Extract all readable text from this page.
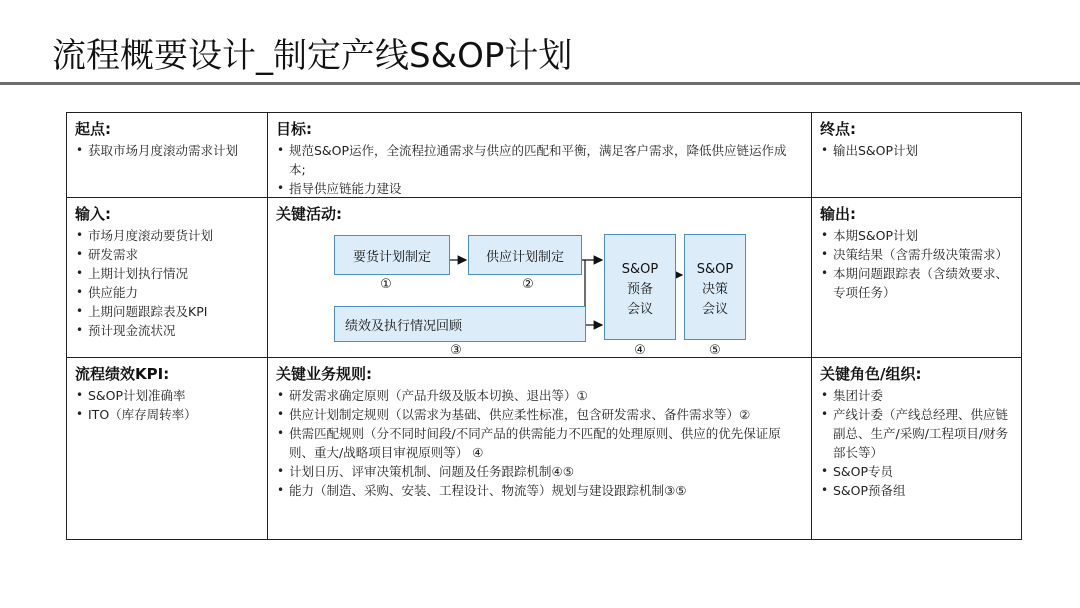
流程概要设计_制定产线S&OP计划
起点:
• 获取市场月度滚动需求计划
目标:
• 规范S&OP运作，全流程拉通需求与供应的匹配和平衡，满足客户需求，降低供应链运作成本;
• 指导供应链能力建设
终点:
• 输出S&OP计划
输入:
• 市场月度滚动要货计划
• 研发需求
• 上期计划执行情况
• 供应能力
• 上期问题跟踪表及KPI
• 预计现金流状况
关键活动:
要货计划制定	供应计划制定
绩效及执行情况回顾
S&OP
预备
会议
S&OP
决策
会议
①	②
③	④	⑤
输出:
• 本期S&OP计划
• 决策结果（含需升级决策需求）
• 本期问题跟踪表（含绩效要求、专项任务）
流程绩效KPI:
• S&OP计划准确率
• ITO（库存周转率）
关键业务规则:
• 研发需求确定原则（产品升级及版本切换、退出等）①
• 供应计划制定规则（以需求为基础、供应柔性标准，包含研发需求、备件需求等）②
• 供需匹配规则（分不同时间段/不同产品的供需能力不匹配的处理原则、供应的优先保证原则、重大/战略项目审视原则等） ④
• 计划日历、评审决策机制、问题及任务跟踪机制④⑤
• 能力（制造、采购、安装、工程设计、物流等）规划与建设跟踪机制③⑤
关键角色/组织:
• 集团计委
• 产线计委（产线总经理、供应链副总、生产/采购/工程项目/财务部长等）
• S&OP专员
• S&OP预备组
